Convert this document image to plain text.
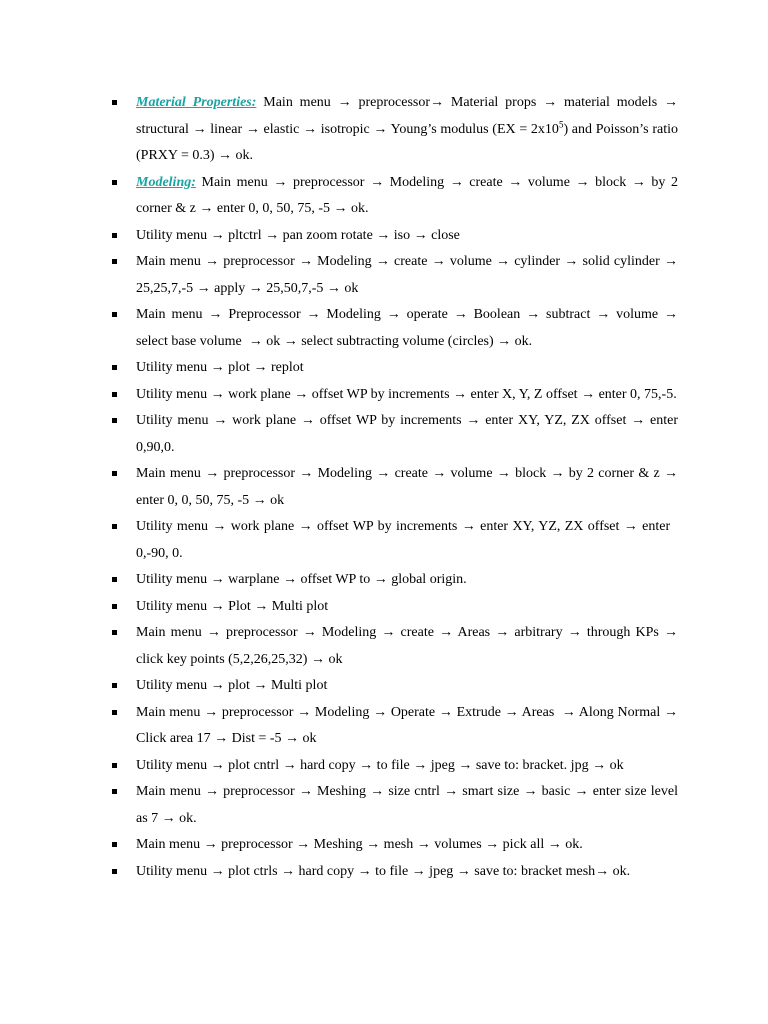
Material Properties: Main menu → preprocessor→ Material props → material models → structural → linear → elastic → isotropic → Young’s modulus $(EX = 2x10^5)$ and Poisson’s ratio (PRXY = 0.3) → ok.
Modeling: Main menu → preprocessor → Modeling → create → volume → block → by 2 corner & z → enter 0, 0, 50, 75, -5 → ok.
Utility menu → pltctrl → pan zoom rotate → iso → close
Main menu → preprocessor → Modeling → create → volume → cylinder → solid cylinder → 25,25,7,-5 → apply → 25,50,7,-5 → ok
Main menu → Preprocessor → Modeling → operate → Boolean → subtract → volume → select base volume  → ok → select subtracting volume (circles) → ok.
Utility menu → plot → replot
Utility menu → work plane → offset WP by increments → enter X, Y, Z offset → enter 0, 75,-5.
Utility menu → work plane → offset WP by increments → enter XY, YZ, ZX offset → enter 0,90,0.
Main menu → preprocessor → Modeling → create → volume → block → by 2 corner & z → enter 0, 0, 50, 75, -5 → ok
Utility menu → work plane → offset WP by increments → enter XY, YZ, ZX offset → enter   0,-90, 0.
Utility menu → warplane → offset WP to → global origin.
Utility menu → Plot → Multi plot
Main menu → preprocessor → Modeling → create → Areas → arbitrary → through KPs → click key points (5,2,26,25,32) → ok
Utility menu → plot → Multi plot
Main menu → preprocessor → Modeling → Operate → Extrude → Areas  → Along Normal → Click area 17 → Dist = -5 → ok
Utility menu → plot cntrl → hard copy → to file → jpeg → save to: bracket. jpg → ok
Main menu → preprocessor → Meshing → size cntrl → smart size → basic → enter size level as 7 → ok.
Main menu → preprocessor → Meshing → mesh → volumes → pick all → ok.
Utility menu → plot ctrls → hard copy → to file → jpeg → save to: bracket mesh→ ok.
